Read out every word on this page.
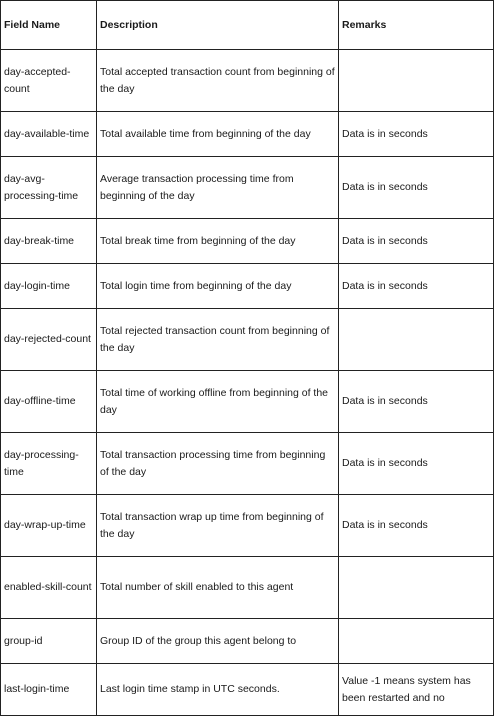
Field Name	Description	Remarks
day-accepted-count	Total accepted transaction count from beginning of the day	
day-available-time	Total available time from beginning of the day	Data is in seconds
day-avg-processing-time	Average transaction processing time from beginning of the day	Data is in seconds
day-break-time	Total break time from beginning of the day	Data is in seconds
day-login-time	Total login time from beginning of the day	Data is in seconds
day-rejected-count	Total rejected transaction count from beginning of the day	
day-offline-time	Total time of working offline from beginning of the day	Data is in seconds
day-processing-time	Total transaction processing time from beginning of the day	Data is in seconds
day-wrap-up-time	Total transaction wrap up time from beginning of the day	Data is in seconds
enabled-skill-count	Total number of skill enabled to this agent	
group-id	Group ID of the group this agent belong to	
last-login-time	Last login time stamp in UTC seconds.	Value -1 means system has been restarted and no
